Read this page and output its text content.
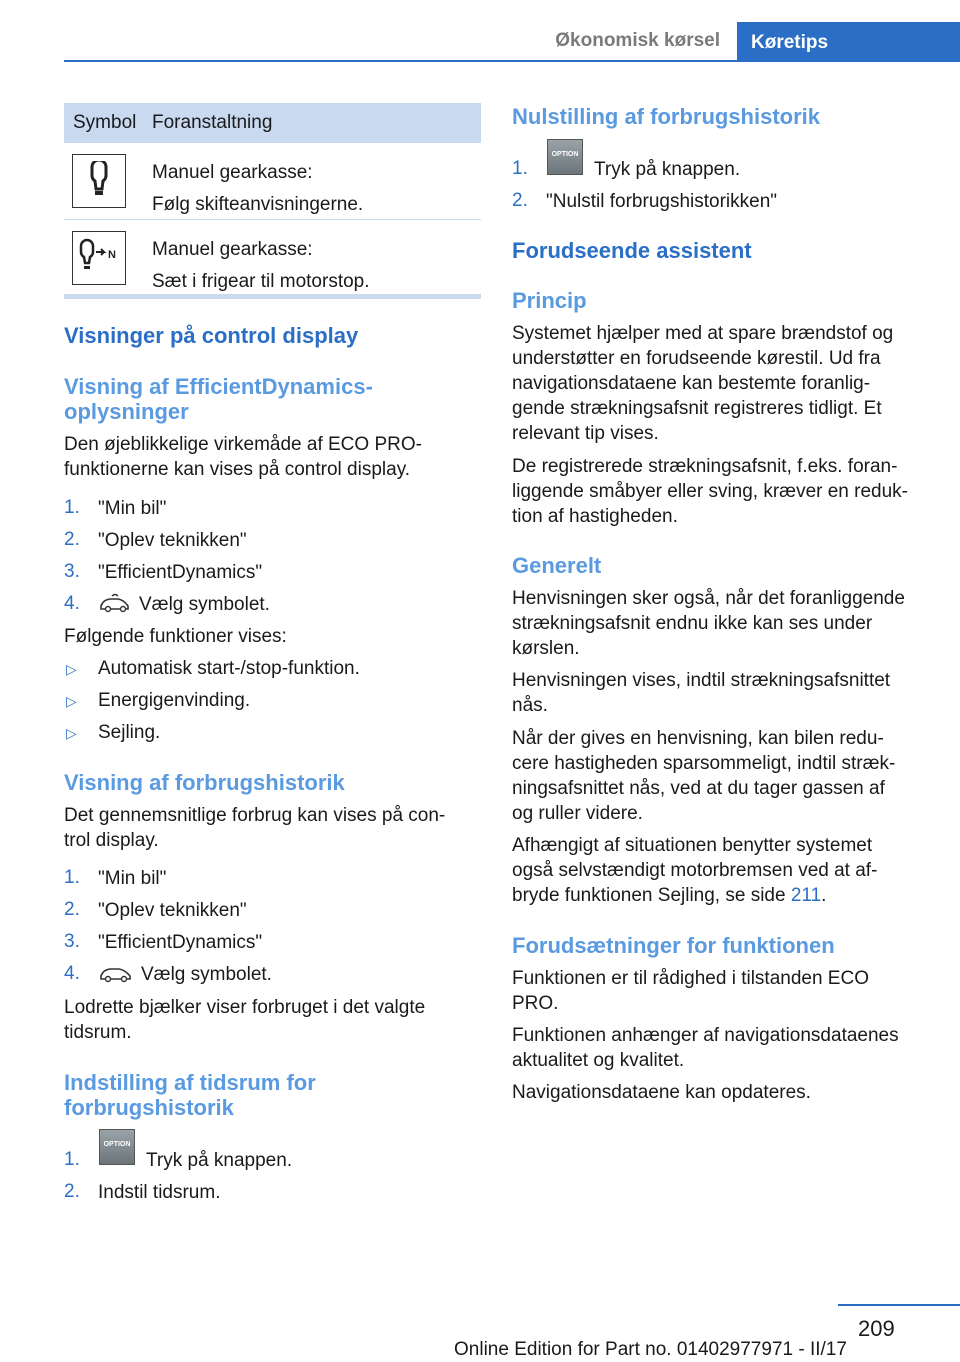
Økonomisk kørsel	Køretips
Symbol Foranstaltning
Manuel gearkasse:
Følg skifteanvisningerne.
N Manuel gearkasse:
Sæt i frigear til motorstop.
Visninger på control display
Visning af EfficientDynamics-
oplysninger
Den øjeblikkelige virkemåde af ECO PRO-
funktionerne kan vises på control display.
1. "Min bil"
2. "Oplev teknikken"
3. "EfficientDynamics"
4.	Vælg symbolet.
Følgende funktioner vises:
▷ Automatisk start-/stop-funktion.
▷ Energigenvinding.
▷ Sejling.
Visning af forbrugshistorik
Det gennemsnitlige forbrug kan vises på con-
trol display.
1. "Min bil"
2. "Oplev teknikken"
3. "EfficientDynamics"
4.	Vælg symbolet.
Lodrette bjælker viser forbruget i det valgte
tidsrum.
Indstilling af tidsrum for
forbrugshistorik
1.
OPTION
Tryk på knappen.
2. Indstil tidsrum.
Nulstilling af forbrugshistorik
1.
OPTION
Tryk på knappen.
2. "Nulstil forbrugshistorikken"
Forudseende assistent
Princip
Systemet hjælper med at spare brændstof og
understøtter en forudseende kørestil. Ud fra
navigationsdataene kan bestemte foranlig-
gende strækningsafsnit registreres tidligt. Et
relevant tip vises.
De registrerede strækningsafsnit, f.eks. foran-
liggende småbyer eller sving, kræver en reduk-
tion af hastigheden.
Generelt
Henvisningen sker også, når det foranliggende
strækningsafsnit endnu ikke kan ses under
kørslen.
Henvisningen vises, indtil strækningsafsnittet
nås.
Når der gives en henvisning, kan bilen redu-
cere hastigheden sparsommeligt, indtil stræk-
ningsafsnittet nås, ved at du tager gassen af
og ruller videre.
Afhængigt af situationen benytter systemet
også selvstændigt motorbremsen ved at af-
bryde funktionen Sejling, se side 211.
Forudsætninger for funktionen
Funktionen er til rådighed i tilstanden ECO
PRO.
Funktionen anhænger af navigationsdataenes
aktualitet og kvalitet.
Navigationsdataene kan opdateres.
209
Online Edition for Part no. 01402977971 - II/17
